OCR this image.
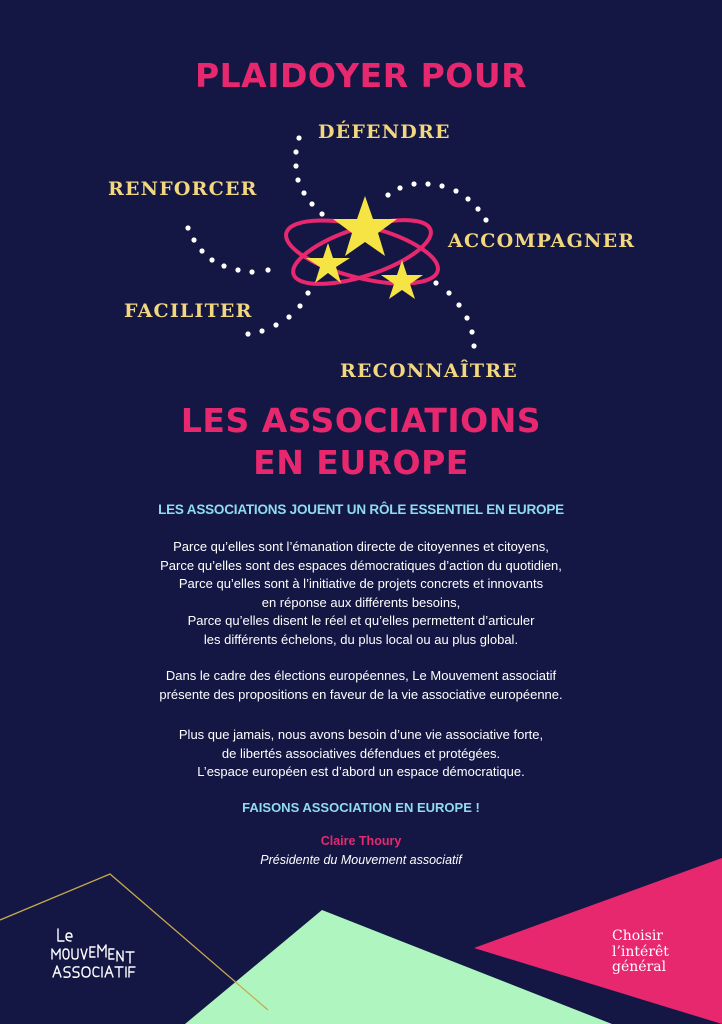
PLAIDOYER POUR
DÉFENDRE
RENFORCER
ACCOMPAGNER
FACILITER
RECONNAÎTRE
LES ASSOCIATIONS
EN EUROPE
LES ASSOCIATIONS JOUENT UN RÔLE ESSENTIEL EN EUROPE
Parce qu’elles sont l’émanation directe de citoyennes et citoyens,
Parce qu’elles sont des espaces démocratiques d’action du quotidien,
Parce qu’elles sont à l’initiative de projets concrets et innovants
en réponse aux différents besoins,
Parce qu’elles disent le réel et qu’elles permettent d’articuler
les différents échelons, du plus local ou au plus global.
Dans le cadre des élections européennes, Le Mouvement associatif
présente des propositions en faveur de la vie associative européenne.
Plus que jamais, nous avons besoin d’une vie associative forte,
de libertés associatives défendues et protégées.
L’espace européen est d’abord un espace démocratique.
FAISONS ASSOCIATION EN EUROPE !
Claire Thoury
Présidente du Mouvement associatif
Choisir
l’intérêt
général
